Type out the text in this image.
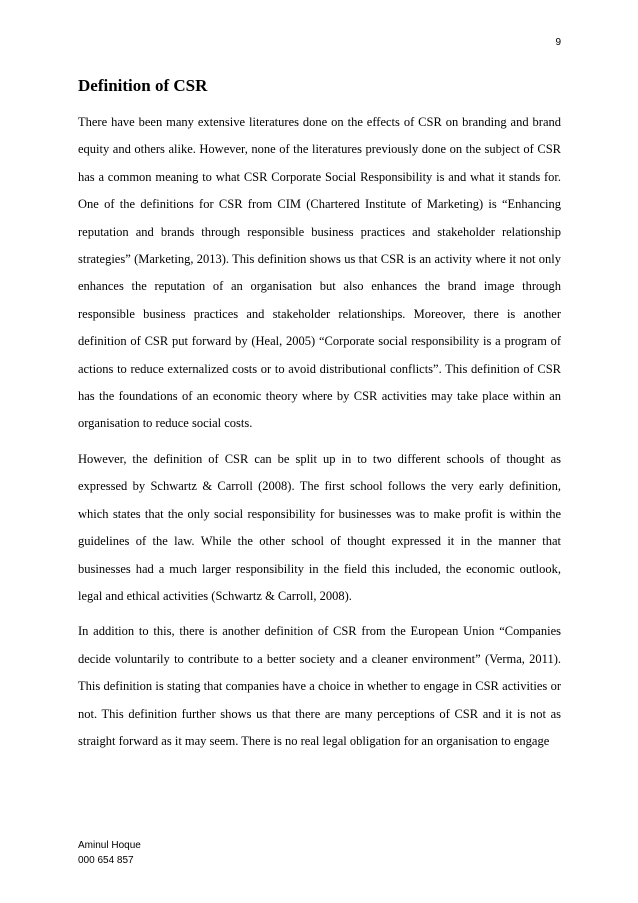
9
Definition of CSR

There have been many extensive literatures done on the effects of CSR on branding and brand equity and others alike. However, none of the literatures previously done on the subject of CSR has a common meaning to what CSR Corporate Social Responsibility is and what it stands for. One of the definitions for CSR from CIM (Chartered Institute of Marketing) is “Enhancing reputation and brands through responsible business practices and stakeholder relationship strategies” (Marketing, 2013). This definition shows us that CSR is an activity where it not only enhances the reputation of an organisation but also enhances the brand image through responsible business practices and stakeholder relationships. Moreover, there is another definition of CSR put forward by (Heal, 2005) “Corporate social responsibility is a program of actions to reduce externalized costs or to avoid distributional conflicts”. This definition of CSR has the foundations of an economic theory where by CSR activities may take place within an organisation to reduce social costs.

However, the definition of CSR can be split up in to two different schools of thought as expressed by Schwartz & Carroll (2008). The first school follows the very early definition, which states that the only social responsibility for businesses was to make profit is within the guidelines of the law. While the other school of thought expressed it in the manner that businesses had a much larger responsibility in the field this included, the economic outlook, legal and ethical activities (Schwartz & Carroll, 2008).

In addition to this, there is another definition of CSR from the European Union “Companies decide voluntarily to contribute to a better society and a cleaner environment” (Verma, 2011). This definition is stating that companies have a choice in whether to engage in CSR activities or not. This definition further shows us that there are many perceptions of CSR and it is not as straight forward as it may seem. There is no real legal obligation for an organisation to engage

Aminul Hoque
000 654 857
